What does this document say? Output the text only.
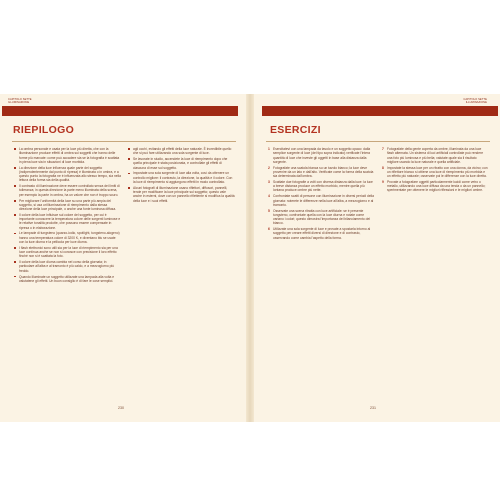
CAPITOLO SETTE
ILLUMINAZIONE
RIEPILOGO
La ombra personale e usata per la luce più diretta, che con la illuminazione produce effetti di ombra sui soggetti che hanno delle forme più marcate: come può accadere sia se la fotografia è scattata in piena luce sia in situazioni di luce morbida.
La direzione della luce influenza quale parte del soggetto (indipendentemente dal punto di ripresa) è illuminata o in ombra, e a questo punto la fotografia ne è influenzata allo stesso tempo, sia nella lettura della forma sia della qualità.
Il contrasto di illuminazione deve essere controllato senza dei limiti di tolleranza; in questa direzione la parte meno illuminata della scena, per esempio la parte in ombra, ha un valore che non è troppo scuro.
Per migliorare l'uniformità della luce su una parte più ampia del soggetto, si usa un'illuminazione di riempimento dalla stessa direzione della luce principale, o anche una fonte luminosa diffusa.
Il colore della luce influisce sul colore del soggetto, per cui è importante conoscere la temperatura colore delle sorgenti luminose e le relative tonalità prodotte, che possono essere compensate in ripresa o in elaborazione.
Le lampade di tungsteno (quarzo-iodio, spotlight, tungsteno-alogeno) hanno una temperatura colore di 3200 K, e diventano blu se usate con la luce diurna e la pellicola per luce diurna.
I flash elettronici sono utili sia per la luce di riempimento sia per una luce continua anche se non si conosce con precisione il loro effetto finché non si è scattata la foto.
Il colore della luce diurna cambia nel corso della giornata; in particolare all'alba e al tramonto è più caldo, e a mezzogiorno più freddo.
Quando illuminate un soggetto utilizzate una lampada alla volta e valutatene gli effetti. Un buon consiglio è di fare le cose semplici.
agli occhi, evitando gli effetti della luce naturale. È incredibile quello che si può fare utilizzando una sola sorgente di luce.
Se lavorate in studio, accendete la luce di riempimento dopo che quella principale è stata posizionata, e controllate gli effetti di ciascuna di esse sul soggetto.
Impostate una sola sorgente di luce alla volta, così da ottenere un controllo migliore: il contrasto, la direzione, la qualità e il colore. Con la luce di riempimento si aggiungono effetti in modo controllato.
Alcuni fotografi di illuminazione usano riflettori, diffusori, pannelli, tende per modificare la luce principale sul soggetto; questo vale anche in esterni, dove con un pannello riflettente si modifica la qualità della luce e i suoi effetti.
230
CAPITOLO SETTE
ILLUMINAZIONE
ESERCIZI
1 Esercitatevi con una lampada da tavolo e un soggetto opaco: dalla semplice sorgente di luce (del tipo sopra indicato) verificate l'intera quantità di luce che investe gli oggetti in base alla distanza dalla sorgente.
2 Fotografate una scatola bianca su un tavolo bianco; la luce deve provenire da un lato e dall'alto. Verificate come la forma della scatola sia determinata dall'ombra.
3 Scattate due fotografie a volti con diversa distanza dalla luce: la luce a breve distanza produce un effetto morbido, mentre quella più lontana produce ombre più nette.
4 Confrontate scatti di persone con illuminazione in diversi periodi della giornata: noterete le differenze nella luce all'alba, a mezzogiorno e al tramonto.
5 Osservate una scena ritratta con luce artificiale: se è presente tungsteno, confrontate quella con la luce diurna e notate come variano i colori; questo dimostra l'importanza del bilanciamento del bianco.
6 Utilizzate una sola sorgente di luce e provate a spostarla intorno al soggetto per creare effetti diversi di direzione e di contrasto, osservando come cambia l'aspetto della forma.
7 Fotografate della gente coperta da ombre, illuminata da una luce flash alternata. Un sistema di luci artificiali controllate può rendere una foto più luminosa e più bella; valutate quale sia il risultato migliore usando la luce naturale e quella artificiale.
8 Impostate la stessa luce per un ritratto con una donna, da vicino; con un riflettore bianco si ottiene una luce di riempimento più morbida e un effetto più naturale; osservate poi le differenze con la luce diretta.
9 Provate a fotografare oggetti particolarmente lucidi come vetro o metallo, utilizzando una luce diffusa da una tenda o da un pannello; sperimentate per ottenere le migliori riflessioni e le migliori ombre.
231
